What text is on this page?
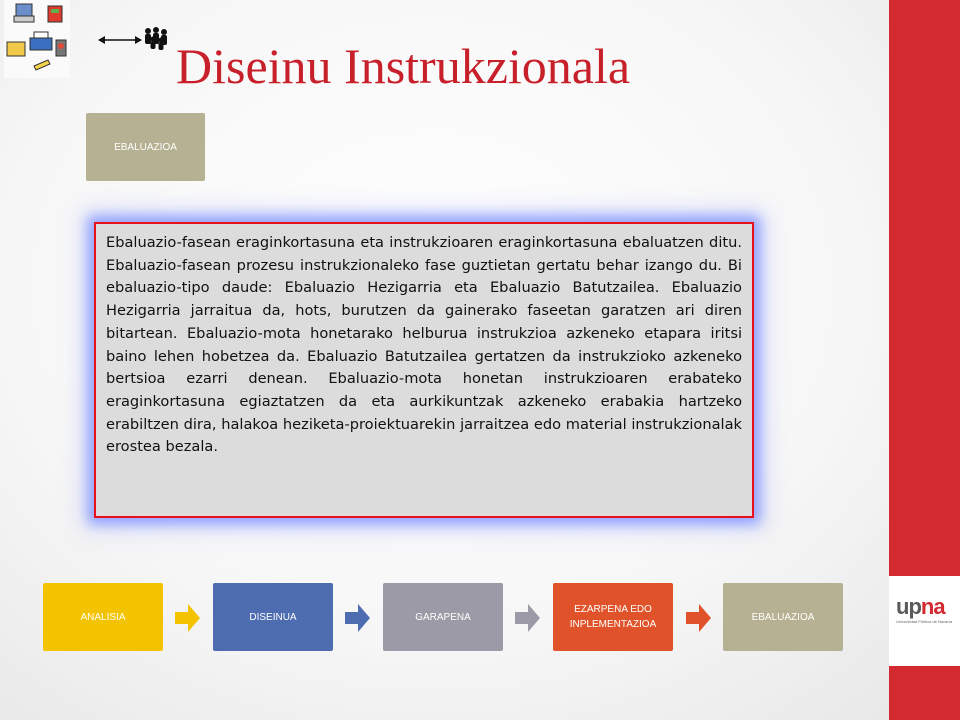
upna
Universidad Pública de Navarra
Diseinu Instrukzionala
EBALUAZIOA

Ebaluazio-fasean eraginkortasuna eta instrukzioaren eraginkortasuna ebaluatzen ditu. Ebaluazio-fasean prozesu instrukzionaleko fase guztietan gertatu behar izango du. Bi ebaluazio-tipo daude: Ebaluazio Hezigarria eta Ebaluazio Batutzailea. Ebaluazio Hezigarria jarraitua da, hots, burutzen da gainerako faseetan garatzen ari diren bitartean. Ebaluazio-mota honetarako helburua instrukzioa azkeneko etapara iritsi baino lehen hobetzea da. Ebaluazio Batutzailea gertatzen da instrukzioko azkeneko bertsioa ezarri denean. Ebaluazio-mota honetan instrukzioaren erabateko eraginkortasuna egiaztatzen da eta aurkikuntzak azkeneko erabakia hartzeko erabiltzen dira, halakoa heziketa-proiektuarekin jarraitzea edo material instrukzionalak erostea bezala.

ANALISIA	DISEINUA	GARAPENA
EZARPENA EDO INPLEMENTAZIOA
EBALUAZIOA
